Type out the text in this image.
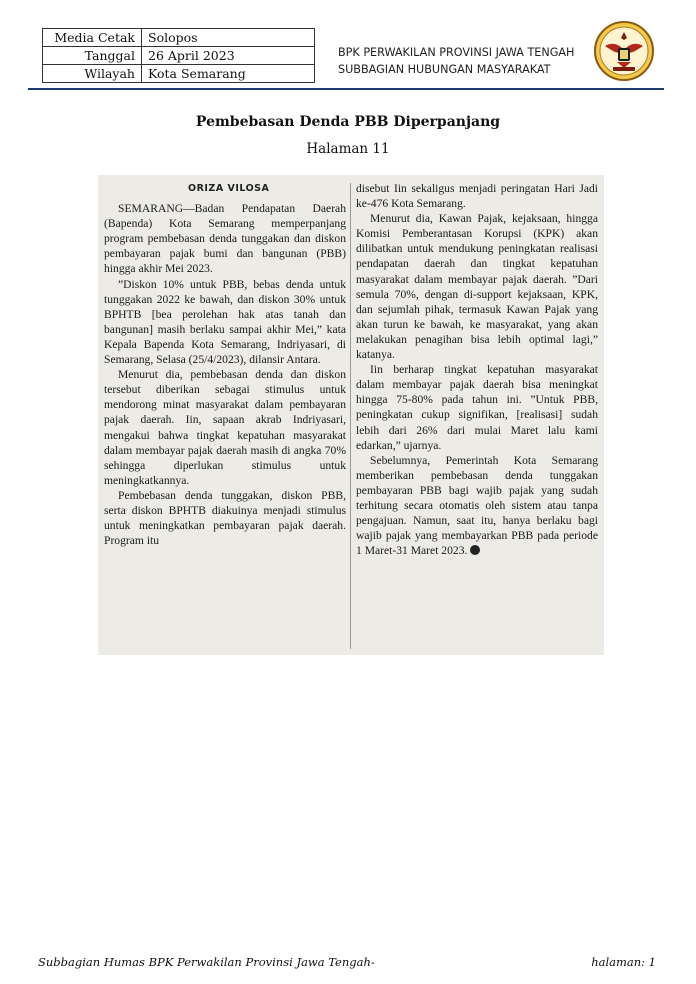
Media Cetak	Solopos
Tanggal	26 April 2023
Wilayah	Kota Semarang
BPK PERWAKILAN PROVINSI JAWA TENGAH
SUBBAGIAN HUBUNGAN MASYARAKAT
Pembebasan Denda PBB Diperpanjang
Halaman 11
ORIZA VILOSA

SEMARANG—Badan Pendapatan Daerah (Bapenda) Kota Semarang memperpanjang program pembebasan denda tunggakan dan diskon pembayaran pajak bumi dan bangunan (PBB) hingga akhir Mei 2023.

”Diskon 10% untuk PBB, bebas denda untuk tunggakan 2022 ke bawah, dan diskon 30% untuk BPHTB [bea perolehan hak atas tanah dan bangunan] masih berlaku sampai akhir Mei,” kata Kepala Bapenda Kota Semarang, Indriyasari, di Semarang, Selasa (25/4/2023), dilansir Antara.

Menurut dia, pembebasan denda dan diskon tersebut diberikan sebagai stimulus untuk mendorong minat masyarakat dalam pembayaran pajak daerah. Iin, sapaan akrab Indriyasari, mengakui bahwa tingkat kepatuhan masyarakat dalam membayar pajak daerah masih di angka 70% sehingga diperlukan stimulus untuk meningkatkannya.

Pembebasan denda tunggakan, diskon PBB, serta diskon BPHTB diakuinya menjadi stimulus untuk meningkatkan pembayaran pajak daerah. Program itu

disebut Iin sekaligus menjadi peringatan Hari Jadi ke-476 Kota Semarang.

Menurut dia, Kawan Pajak, kejaksaan, hingga Komisi Pemberantasan Korupsi (KPK) akan dilibatkan untuk mendukung peningkatan realisasi pendapatan daerah dan tingkat kepatuhan masyarakat dalam membayar pajak daerah. ”Dari semula 70%, dengan di-support kejaksaan, KPK, dan sejumlah pihak, termasuk Kawan Pajak yang akan turun ke bawah, ke masyarakat, yang akan melakukan penagihan bisa lebih optimal lagi,” katanya.

Iin berharap tingkat kepatuhan masyarakat dalam membayar pajak daerah bisa meningkat hingga 75-80% pada tahun ini. ”Untuk PBB, peningkatan cukup signifikan, [realisasi] sudah lebih dari 26% dari mulai Maret lalu kami edarkan,” ujarnya.

Sebelumnya, Pemerintah Kota Semarang memberikan pembebasan denda tunggakan pembayaran PBB bagi wajib pajak yang sudah terhitung secara otomatis oleh sistem atau tanpa pengajuan. Namun, saat itu, hanya berlaku bagi wajib pajak yang membayarkan PBB pada periode 1 Maret-31 Maret 2023.

Subbagian Humas BPK Perwakilan Provinsi Jawa Tengah-	halaman: 1
